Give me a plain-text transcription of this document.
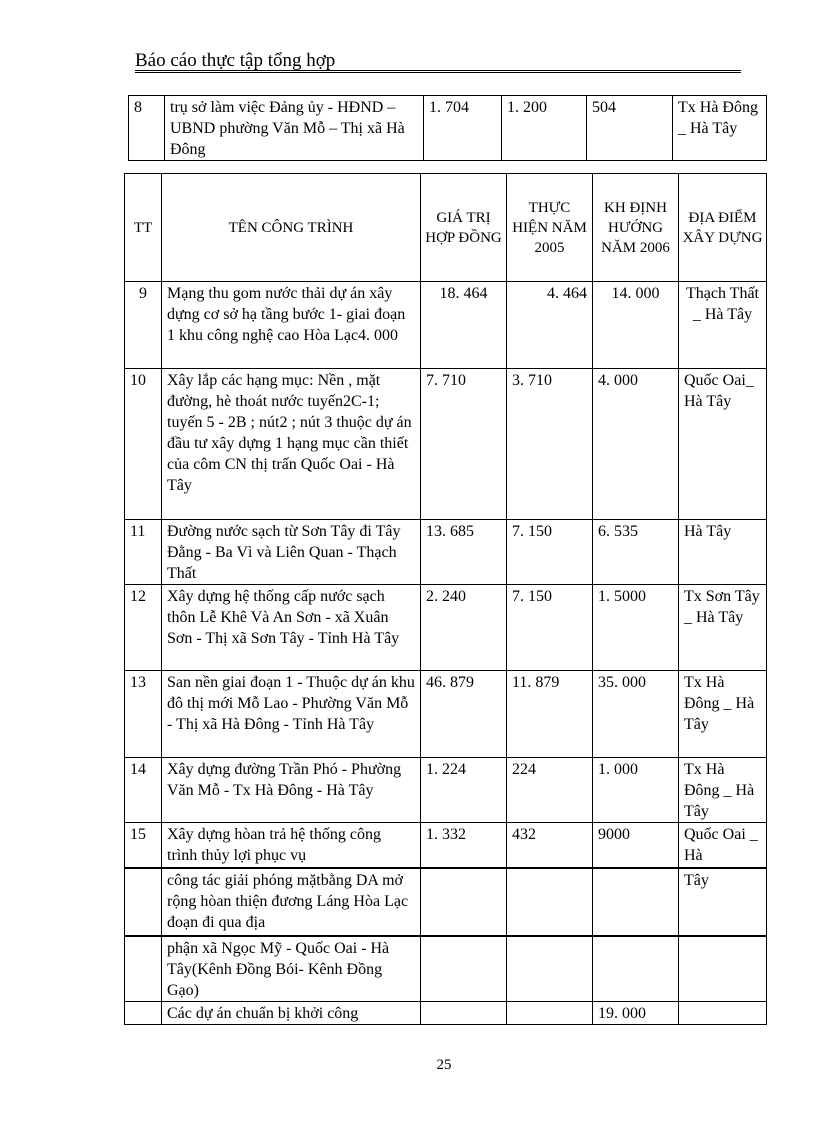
Báo cáo thực tập tổng hợp
8	trụ sở làm việc Đảng ủy - HĐND –UBND phường Văn Mỗ – Thị xã Hà Đông	1. 704	1. 200	504	Tx Hà Đông _ Hà Tây
TT	TÊN CÔNG TRÌNH	GIÁ TRỊ HỢP ĐỒNG	THỰC HIỆN NĂM 2005	KH ĐỊNH HƯỚNG NĂM 2006	ĐỊA ĐIỂM XÂY DỰNG
9	Mạng thu gom nước thải dự án xây dựng cơ sở hạ tầng bước 1- giai đoạn 1 khu công nghệ cao Hòa Lạc4. 000	18. 464	4. 464	14. 000	Thạch Thất _ Hà Tây
10	Xây lắp các hạng mục: Nền , mặt đường, hè thoát nước tuyến2C-1; tuyến 5 - 2B ; nút2 ; nút 3 thuộc dự án đầu tư xây dựng 1 hạng mục cần thiết của côm CN thị trấn Quốc Oai - Hà Tây	7. 710	3. 710	4. 000	Quốc Oai_ Hà Tây
11	Đường nước sạch từ Sơn Tây đi Tây Đằng - Ba Vì và Liên Quan - Thạch Thất	13. 685	7. 150	6. 535	Hà Tây
12	Xây dựng hệ thống cấp nước sạch thôn Lễ Khê Và An Sơn - xã Xuân Sơn - Thị xã Sơn Tây - Tỉnh Hà Tây	2. 240	7. 150	1. 5000	Tx Sơn Tây _ Hà Tây
13	San nền giai đoạn 1 - Thuộc dự án khu đô thị mới Mỗ Lao - Phường Văn Mỗ - Thị xã Hà Đông - Tỉnh Hà Tây	46. 879	11. 879	35. 000	Tx Hà Đông _ Hà Tây
14	Xây dựng đường Trần Phó - Phường Văn Mỗ - Tx Hà Đông - Hà Tây	1. 224	224	1. 000	Tx Hà Đông _ Hà Tây
15	Xây dựng hòan trả hệ thống công trình thủy lợi phục vụ	1. 332	432	9000	Quốc Oai _ Hà
	công tác giải phóng mặtbằng DA mở rộng hòan thiện đương Láng Hòa Lạc đoạn đi qua địa				Tây
	phận xã Ngọc Mỹ - Quốc Oai - Hà Tây(Kênh Đồng Bói- Kênh Đồng Gạo)				
	Các dự án chuẩn bị khởi công			19. 000	
25
